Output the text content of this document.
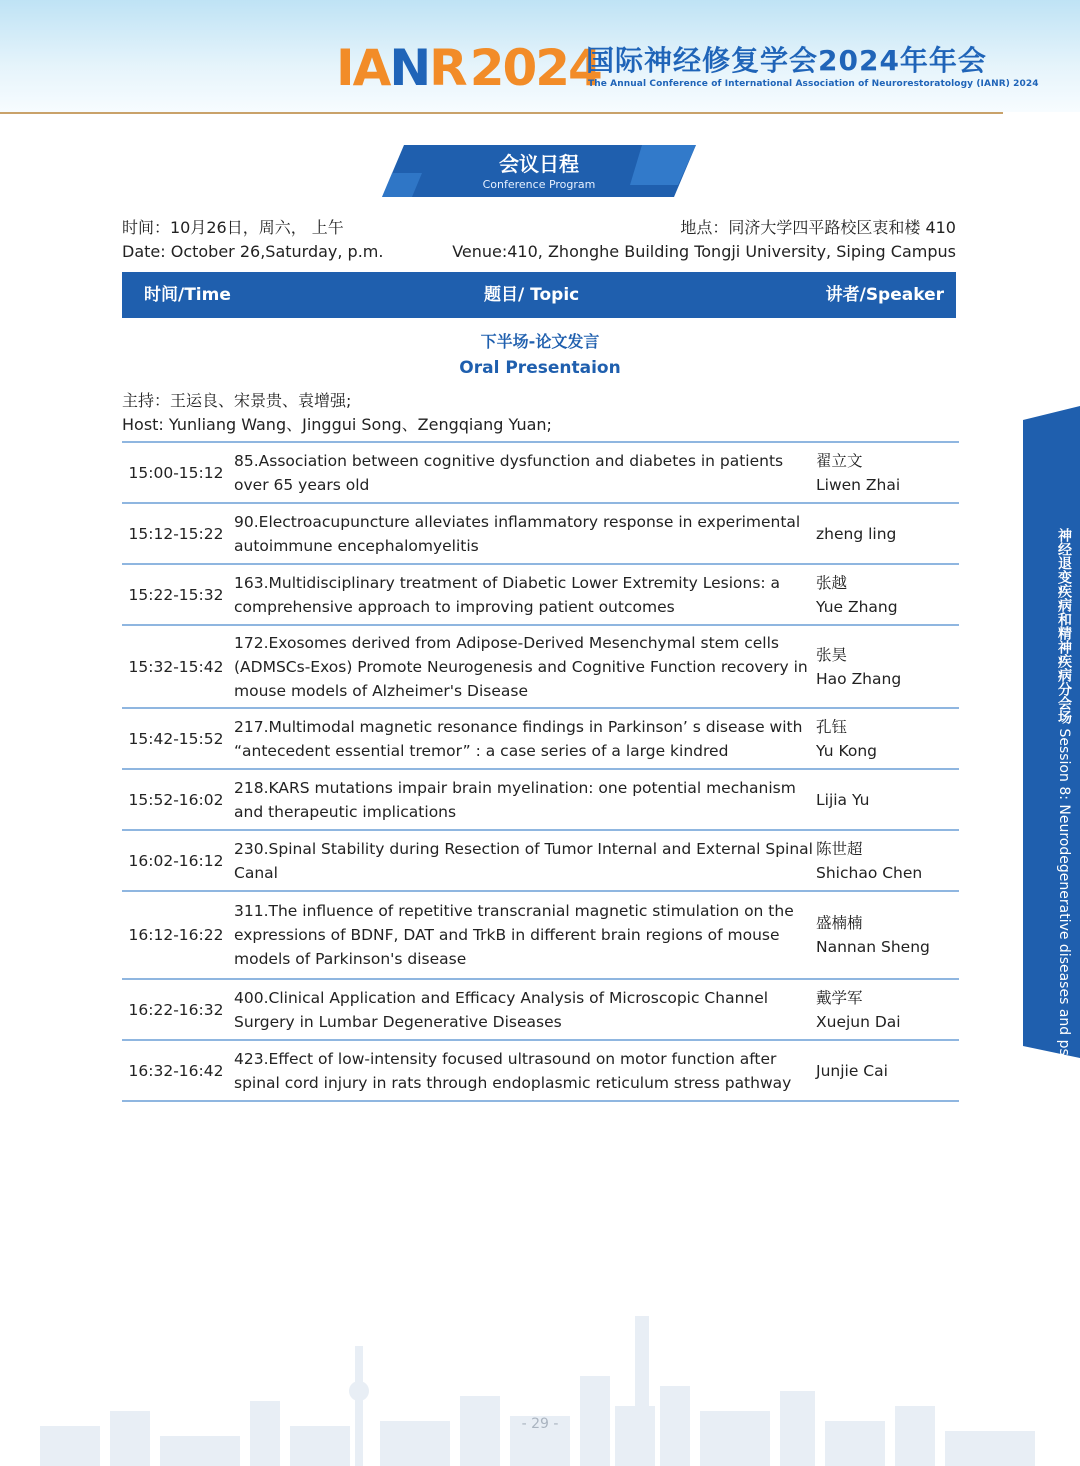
IA N R 2024
国际神经修复学会2024年年会
The Annual Conference of International Association of Neurorestoratology (IANR) 2024
会议日程
Conference Program
时间：10月26日，周六， 上午
Date: October 26,Saturday, p.m.
地点：同济大学四平路校区衷和楼 410
Venue:410, Zhonghe Building Tongji University, Siping Campus
时间/Time	题目/ Topic	讲者/Speaker
下半场-论文发言
Oral Presentaion
主持：王运良、宋景贵、袁增强;
Host: Yunliang Wang、Jinggui Song、Zengqiang Yuan;
15:00-15:12
85.Association between cognitive dysfunction and diabetes in patients over 65 years old
翟立文
Liwen Zhai
15:12-15:22
90.Electroacupuncture alleviates inflammatory response in experimental autoimmune encephalomyelitis
zheng ling
15:22-15:32
163.Multidisciplinary treatment of Diabetic Lower Extremity Lesions: a comprehensive approach to improving patient outcomes
张越
Yue Zhang
15:32-15:42
172.Exosomes derived from Adipose-Derived Mesenchymal stem cells (ADMSCs-Exos) Promote Neurogenesis and Cognitive Function recovery in mouse models of Alzheimer's Disease
张昊
Hao Zhang
15:42-15:52
217.Multimodal magnetic resonance findings in Parkinson’ s disease with “antecedent essential tremor” : a case series of a large kindred
孔钰
Yu Kong
15:52-16:02
218.KARS mutations impair brain myelination: one potential mechanism and therapeutic implications
Lijia Yu
16:02-16:12
230.Spinal Stability during Resection of Tumor Internal and External Spinal Canal
陈世超
Shichao Chen
16:12-16:22
311.The influence of repetitive transcranial magnetic stimulation on the expressions of BDNF, DAT and TrkB in different brain regions of mouse models of Parkinson's disease
盛楠楠
Nannan Sheng
16:22-16:32
400.Clinical Application and Efficacy Analysis of Microscopic Channel Surgery in Lumbar Degenerative Diseases
戴学军
Xuejun Dai
16:32-16:42
423.Effect of low-intensity focused ultrasound on motor function after spinal cord injury in rats through endoplasmic reticulum stress pathway
Junjie Cai
神经退变疾病和精神疾病分会场 Session 8: Neurodegenerative diseases and psychiatric disorders
- 29 -
